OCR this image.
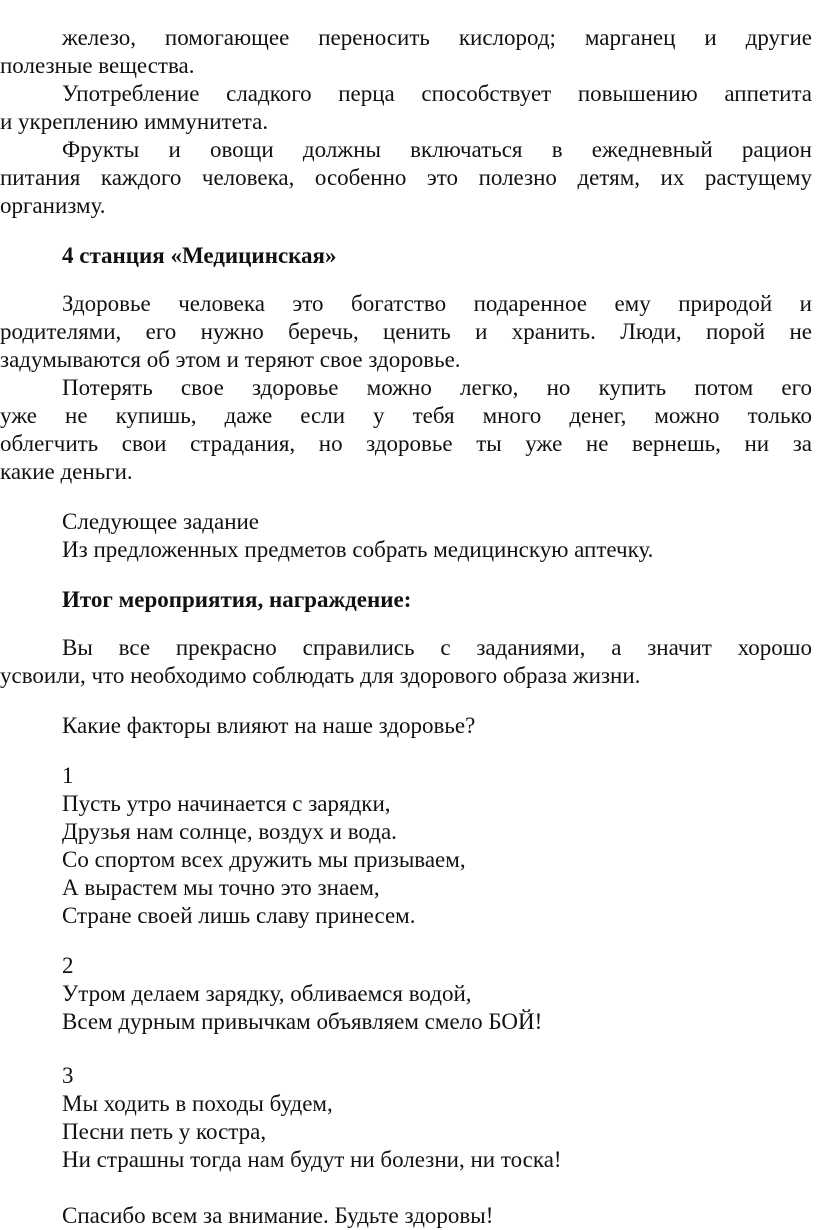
железо, помогающее переносить кислород; марганец и другие
полезные вещества.
Употребление сладкого перца способствует повышению аппетита
и укреплению иммунитета.
Фрукты и овощи должны включаться в ежедневный рацион
питания каждого человека, особенно это полезно детям, их растущему
организму.
4 станция «Медицинская»
Здоровье человека это богатство подаренное ему природой и
родителями, его нужно беречь, ценить и хранить. Люди, порой не
задумываются об этом и теряют свое здоровье.
Потерять свое здоровье можно легко, но купить потом его
уже не купишь, даже если у тебя много денег, можно только
облегчить свои страдания, но здоровье ты уже не вернешь, ни за
какие деньги.
Следующее задание
Из предложенных предметов собрать медицинскую аптечку.
Итог мероприятия, награждение:
Вы все прекрасно справились с заданиями, а значит хорошо
усвоили, что необходимо соблюдать для здорового образа жизни.
Какие факторы влияют на наше здоровье?
1
Пусть утро начинается с зарядки,
Друзья нам солнце, воздух и вода.
Со спортом всех дружить мы призываем,
А вырастем мы точно это знаем,
Стране своей лишь славу принесем.
2
Утром делаем зарядку, обливаемся водой,
Всем дурным привычкам объявляем смело БОЙ!
3
Мы ходить в походы будем,
Песни петь у костра,
Ни страшны тогда нам будут ни болезни, ни тоска!
Спасибо всем за внимание. Будьте здоровы!
